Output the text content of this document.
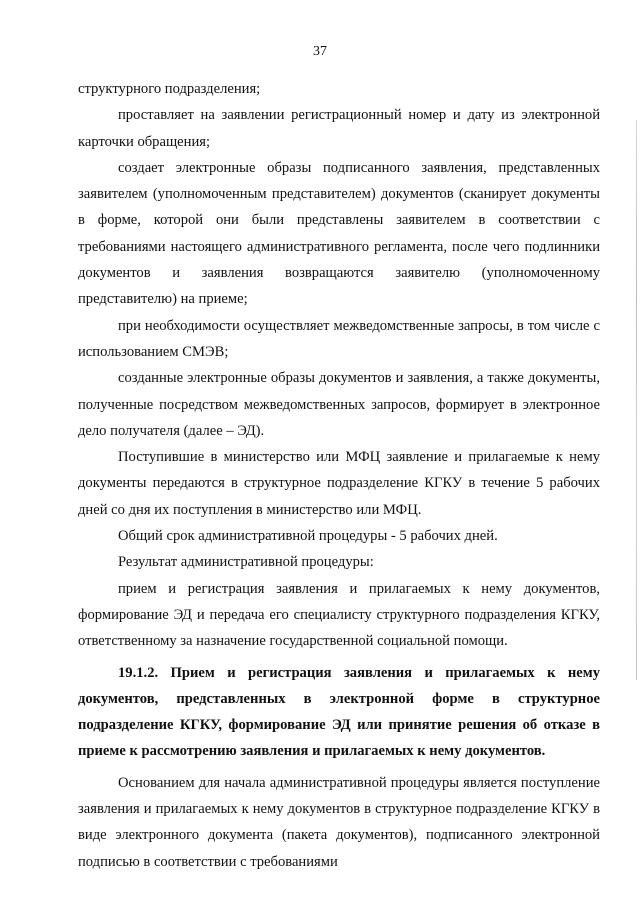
37

структурного подразделения;

проставляет на заявлении регистрационный номер и дату из электронной карточки обращения;

создает электронные образы подписанного заявления, представленных заявителем (уполномоченным представителем) документов (сканирует документы в форме, которой они были представлены заявителем в соответствии с требованиями настоящего административного регламента, после чего подлинники документов и заявления возвращаются заявителю (уполномоченному представителю) на приеме;

при необходимости осуществляет межведомственные запросы, в том числе с использованием СМЭВ;

созданные электронные образы документов и заявления, а также документы, полученные посредством межведомственных запросов, формирует в электронное дело получателя (далее – ЭД).

Поступившие в министерство или МФЦ заявление и прилагаемые к нему документы передаются в структурное подразделение КГКУ в течение 5 рабочих дней со дня их поступления в министерство или МФЦ.

Общий срок административной процедуры - 5 рабочих дней.

Результат административной процедуры:

прием и регистрация заявления и прилагаемых к нему документов, формирование ЭД и передача его специалисту структурного подразделения КГКУ, ответственному за назначение государственной социальной помощи.

19.1.2. Прием и регистрация заявления и прилагаемых к нему документов, представленных в электронной форме в структурное подразделение КГКУ, формирование ЭД или принятие решения об отказе в приеме к рассмотрению заявления и прилагаемых к нему документов.

Основанием для начала административной процедуры является поступление заявления и прилагаемых к нему документов в структурное подразделение КГКУ в виде электронного документа (пакета документов), подписанного электронной подписью в соответствии с требованиями
